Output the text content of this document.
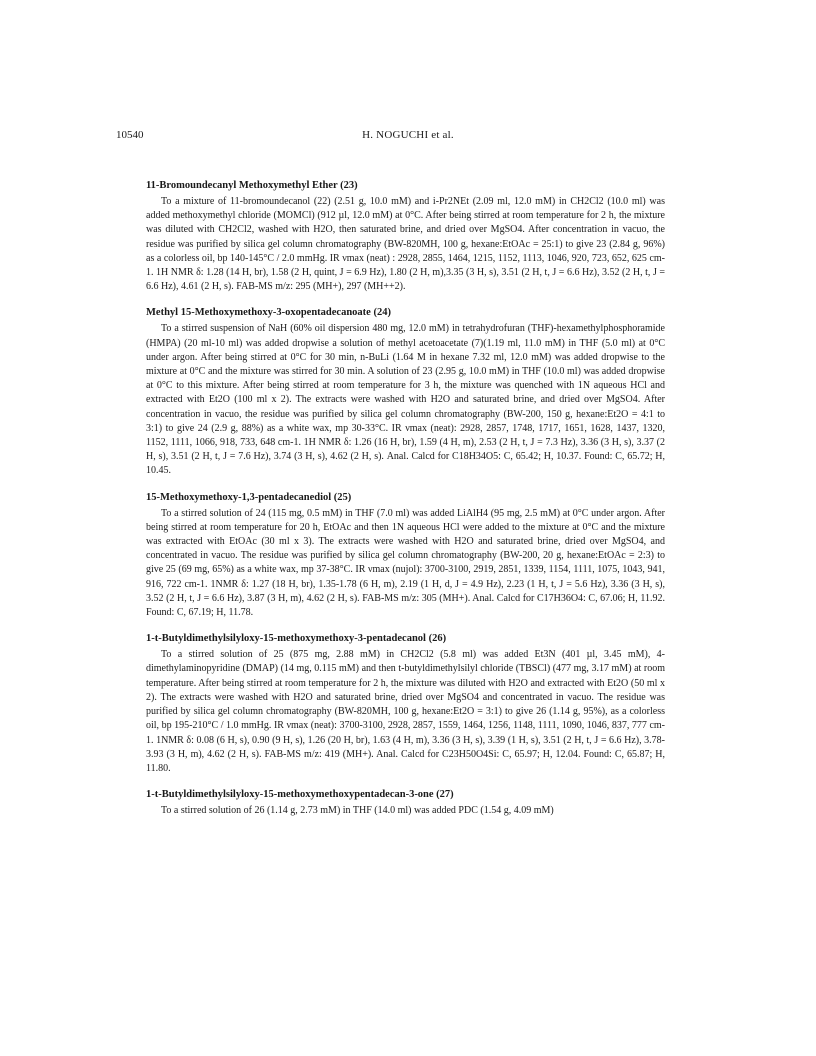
10540	H. NOGUCHI et al.
11-Bromoundecanyl Methoxymethyl Ether (23)

To a mixture of 11-bromoundecanol (22) (2.51 g, 10.0 mM) and i-Pr2NEt (2.09 ml, 12.0 mM) in CH2Cl2 (10.0 ml) was added methoxymethyl chloride (MOMCl) (912 µl, 12.0 mM) at 0°C. After being stirred at room temperature for 2 h, the mixture was diluted with CH2Cl2, washed with H2O, then saturated brine, and dried over MgSO4. After concentration in vacuo, the residue was purified by silica gel column chromatography (BW-820MH, 100 g, hexane:EtOAc = 25:1) to give 23 (2.84 g, 96%) as a colorless oil, bp 140-145°C / 2.0 mmHg. IR νmax (neat) : 2928, 2855, 1464, 1215, 1152, 1113, 1046, 920, 723, 652, 625 cm-1. 1H NMR δ: 1.28 (14 H, br), 1.58 (2 H, quint, J = 6.9 Hz), 1.80 (2 H, m),3.35 (3 H, s), 3.51 (2 H, t, J = 6.6 Hz), 3.52 (2 H, t, J = 6.6 Hz), 4.61 (2 H, s). FAB-MS m/z: 295 (MH+), 297 (MH++2).

Methyl 15-Methoxymethoxy-3-oxopentadecanoate (24)

To a stirred suspension of NaH (60% oil dispersion 480 mg, 12.0 mM) in tetrahydrofuran (THF)-hexamethylphosphoramide (HMPA) (20 ml-10 ml) was added dropwise a solution of methyl acetoacetate (7)(1.19 ml, 11.0 mM) in THF (5.0 ml) at 0°C under argon. After being stirred at 0°C for 30 min, n-BuLi (1.64 M in hexane 7.32 ml, 12.0 mM) was added dropwise to the mixture at 0°C and the mixture was stirred for 30 min. A solution of 23 (2.95 g, 10.0 mM) in THF (10.0 ml) was added dropwise at 0°C to this mixture. After being stirred at room temperature for 3 h, the mixture was quenched with 1N aqueous HCl and extracted with Et2O (100 ml x 2). The extracts were washed with H2O and saturated brine, and dried over MgSO4. After concentration in vacuo, the residue was purified by silica gel column chromatography (BW-200, 150 g, hexane:Et2O = 4:1 to 3:1) to give 24 (2.9 g, 88%) as a white wax, mp 30-33°C. IR νmax (neat): 2928, 2857, 1748, 1717, 1651, 1628, 1437, 1320, 1152, 1111, 1066, 918, 733, 648 cm-1. 1H NMR δ: 1.26 (16 H, br), 1.59 (4 H, m), 2.53 (2 H, t, J = 7.3 Hz), 3.36 (3 H, s), 3.37 (2 H, s), 3.51 (2 H, t, J = 7.6 Hz), 3.74 (3 H, s), 4.62 (2 H, s). Anal. Calcd for C18H34O5: C, 65.42; H, 10.37. Found: C, 65.72; H, 10.45.

15-Methoxymethoxy-1,3-pentadecanediol (25)

To a stirred solution of 24 (115 mg, 0.5 mM) in THF (7.0 ml) was added LiAlH4 (95 mg, 2.5 mM) at 0°C under argon. After being stirred at room temperature for 20 h, EtOAc and then 1N aqueous HCl were added to the mixture at 0°C and the mixture was extracted with EtOAc (30 ml x 3). The extracts were washed with H2O and saturated brine, dried over MgSO4, and concentrated in vacuo. The residue was purified by silica gel column chromatography (BW-200, 20 g, hexane:EtOAc = 2:3) to give 25 (69 mg, 65%) as a white wax, mp 37-38°C. IR νmax (nujol): 3700-3100, 2919, 2851, 1339, 1154, 1111, 1075, 1043, 941, 916, 722 cm-1. 1NMR δ: 1.27 (18 H, br), 1.35-1.78 (6 H, m), 2.19 (1 H, d, J = 4.9 Hz), 2.23 (1 H, t, J = 5.6 Hz), 3.36 (3 H, s), 3.52 (2 H, t, J = 6.6 Hz), 3.87 (3 H, m), 4.62 (2 H, s). FAB-MS m/z: 305 (MH+). Anal. Calcd for C17H36O4: C, 67.06; H, 11.92. Found: C, 67.19; H, 11.78.

1-t-Butyldimethylsilyloxy-15-methoxymethoxy-3-pentadecanol (26)

To a stirred solution of 25 (875 mg, 2.88 mM) in CH2Cl2 (5.8 ml) was added Et3N (401 µl, 3.45 mM), 4-dimethylaminopyridine (DMAP) (14 mg, 0.115 mM) and then t-butyldimethylsilyl chloride (TBSCl) (477 mg, 3.17 mM) at room temperature. After being stirred at room temperature for 2 h, the mixture was diluted with H2O and extracted with Et2O (50 ml x 2). The extracts were washed with H2O and saturated brine, dried over MgSO4 and concentrated in vacuo. The residue was purified by silica gel column chromatography (BW-820MH, 100 g, hexane:Et2O = 3:1) to give 26 (1.14 g, 95%), as a colorless oil, bp 195-210°C / 1.0 mmHg. IR νmax (neat): 3700-3100, 2928, 2857, 1559, 1464, 1256, 1148, 1111, 1090, 1046, 837, 777 cm-1. 1NMR δ: 0.08 (6 H, s), 0.90 (9 H, s), 1.26 (20 H, br), 1.63 (4 H, m), 3.36 (3 H, s), 3.39 (1 H, s), 3.51 (2 H, t, J = 6.6 Hz), 3.78-3.93 (3 H, m), 4.62 (2 H, s). FAB-MS m/z: 419 (MH+). Anal. Calcd for C23H50O4Si: C, 65.97; H, 12.04. Found: C, 65.87; H, 11.80.

1-t-Butyldimethylsilyloxy-15-methoxymethoxypentadecan-3-one (27)

To a stirred solution of 26 (1.14 g, 2.73 mM) in THF (14.0 ml) was added PDC (1.54 g, 4.09 mM)
